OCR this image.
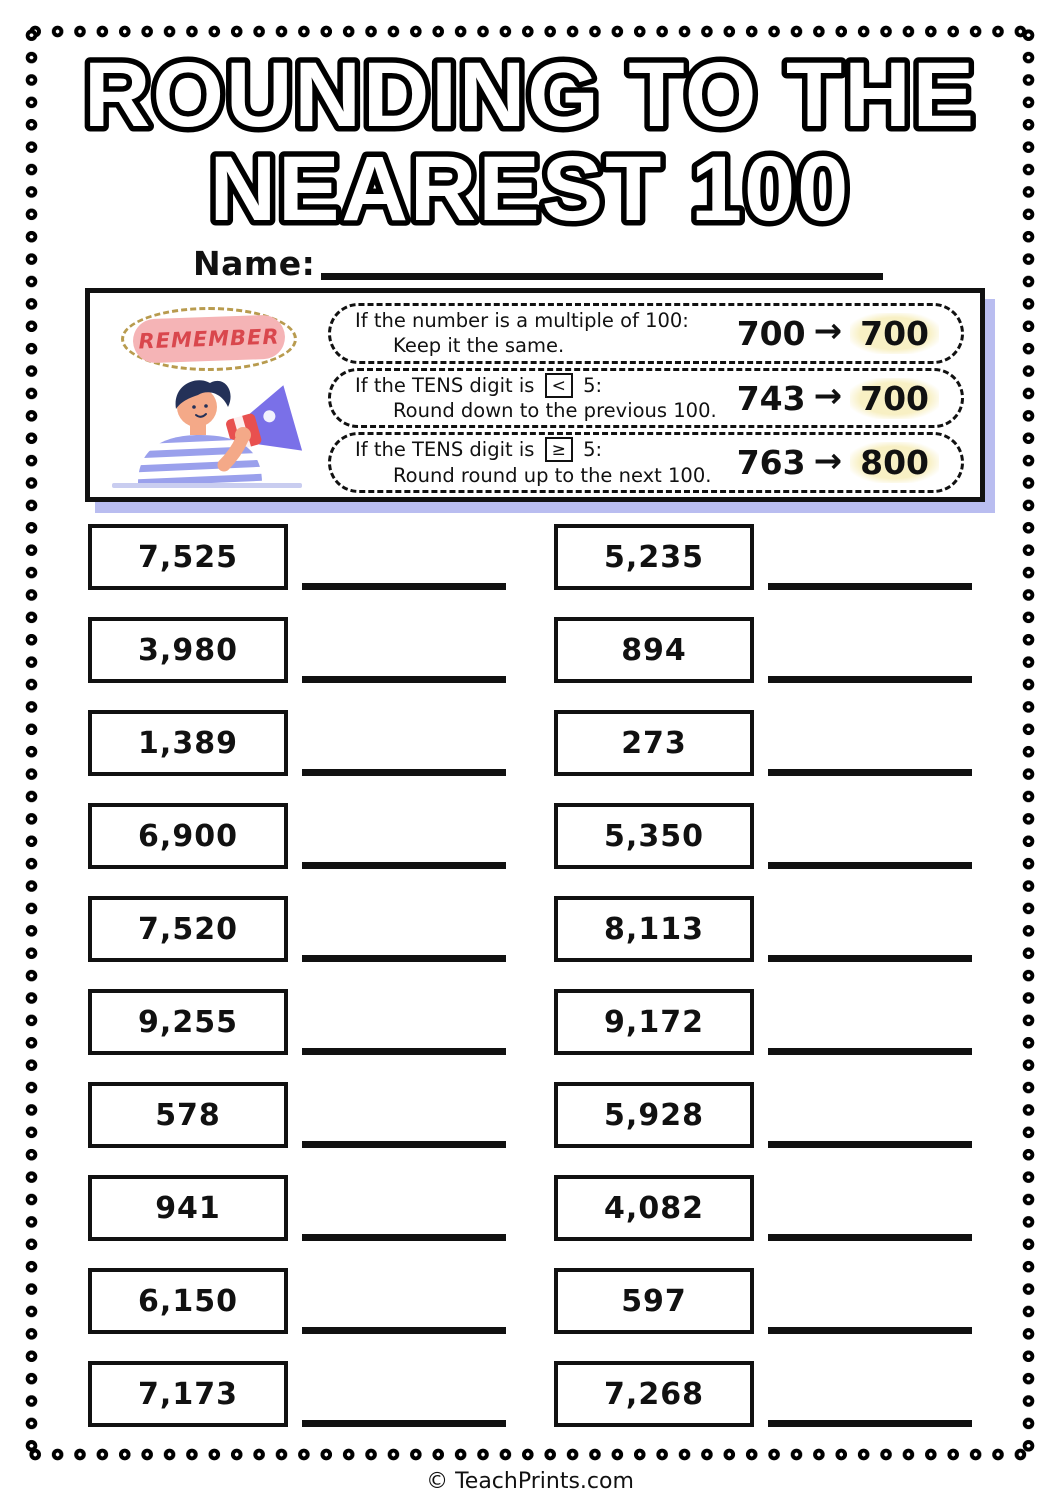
ROUNDING TO THE
NEAREST 100
Name:
REMEMBER
If the number is a multiple of 100:
Keep it the same.	700 → 700
If the TENS digit is < 5:
Round down to the previous 100. 743 → 700
If the TENS digit is ≥ 5:
Round round up to the next 100. 763 → 800
7,525	5,235
3,980	894
1,389	273
6,900	5,350
7,520	8,113
9,255	9,172
578	5,928
941	4,082
6,150	597
7,173	7,268
© TeachPrints.com
